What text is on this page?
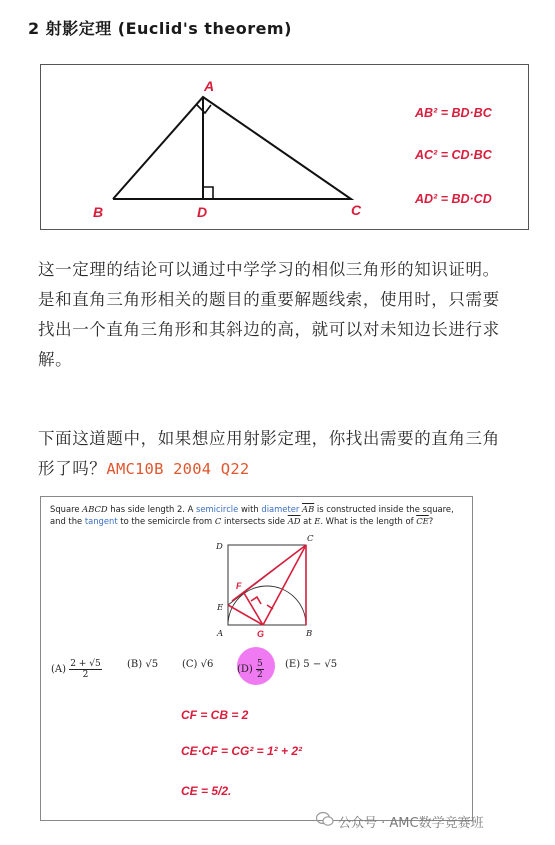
2 射影定理 (Euclid's theorem)
A
B	D	C
AB² = BD·BC
AC² = CD·BC
AD² = BD·CD
这一定理的结论可以通过中学学习的相似三角形的知识证明。是和直角三角形相关的题目的重要解题线索，使用时，只需要找出一个直角三角形和其斜边的高，就可以对未知边长进行求解。
下面这道题中，如果想应用射影定理，你找出需要的直角三角形了吗？AMC10B 2004 Q22
Square ABCD has side length 2. A semicircle with diameter $\overline{AB}$ is constructed inside the square, and the tangent to the semicircle from C intersects side $\overline{AD}$ at E. What is the length of $\overline{CE}$?
D
C
E
A	B
F
G
CF = CB = 2
CE·CF = CG² = 1² + 2²
CE = 5/2.
$(A) \frac{2 + √5}{2}$	(B) √5 (C) √6 $(D) \frac{5}{2} (E) 5 - √5$
公众号 · AMC数学竞赛班
